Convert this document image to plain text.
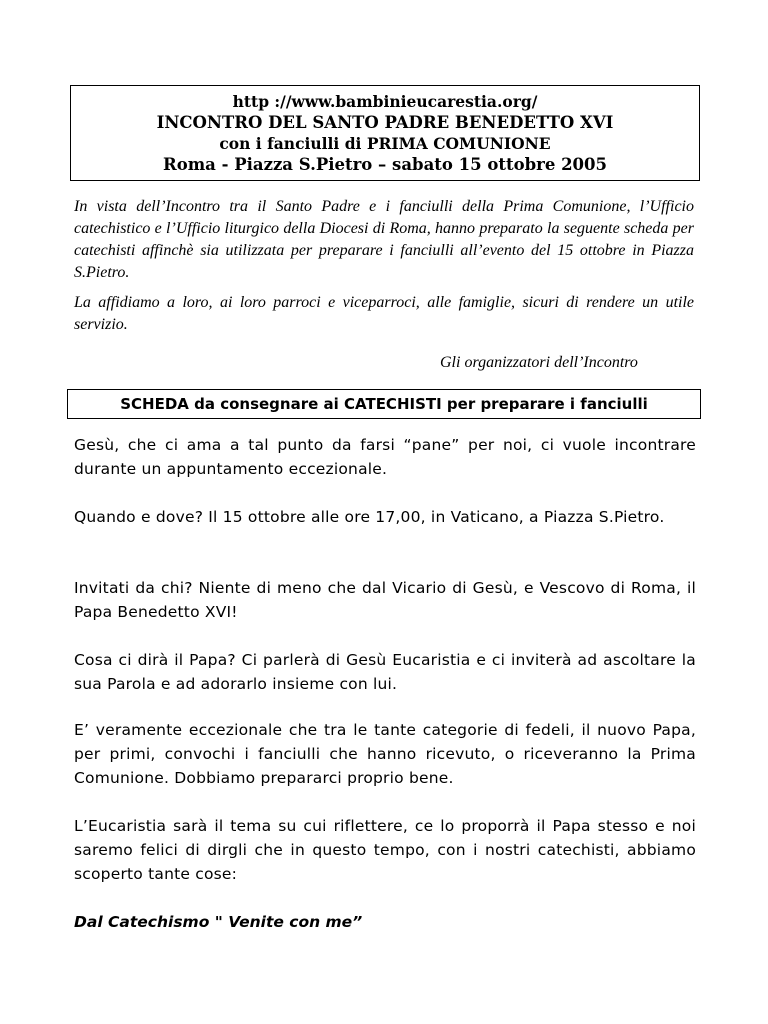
http ://www.bambinieucarestia.org/
INCONTRO DEL SANTO PADRE BENEDETTO XVI
con i fanciulli di PRIMA COMUNIONE
Roma - Piazza S.Pietro – sabato 15 ottobre 2005
In vista dell’Incontro tra il Santo Padre e i fanciulli della Prima Comunione, l’Ufficio catechistico e l’Ufficio liturgico della Diocesi di Roma, hanno preparato la seguente scheda per catechisti affinchè sia utilizzata per preparare i fanciulli all’evento del 15 ottobre in Piazza S.Pietro.
La affidiamo a loro, ai loro parroci e viceparroci, alle famiglie, sicuri di rendere un utile servizio.
Gli organizzatori dell’Incontro
SCHEDA da consegnare ai CATECHISTI per preparare i fanciulli
Gesù, che ci ama a tal punto da farsi “pane” per noi, ci vuole incontrare durante un appuntamento eccezionale.
Quando e dove? Il 15 ottobre alle ore 17,00, in Vaticano, a Piazza S.Pietro.
Invitati da chi? Niente di meno che dal Vicario di Gesù, e Vescovo di Roma, il Papa Benedetto XVI!
Cosa ci dirà il Papa? Ci parlerà di Gesù Eucaristia e ci inviterà ad ascoltare la sua Parola e ad adorarlo insieme con lui.
E’ veramente eccezionale che tra le tante categorie di fedeli, il nuovo Papa, per primi, convochi i fanciulli che hanno ricevuto, o riceveranno la Prima Comunione. Dobbiamo prepararci proprio bene.
L’Eucaristia sarà il tema su cui riflettere, ce lo proporrà il Papa stesso e noi saremo felici di dirgli che in questo tempo, con i nostri catechisti, abbiamo scoperto tante cose:
Dal Catechismo " Venite con me”
